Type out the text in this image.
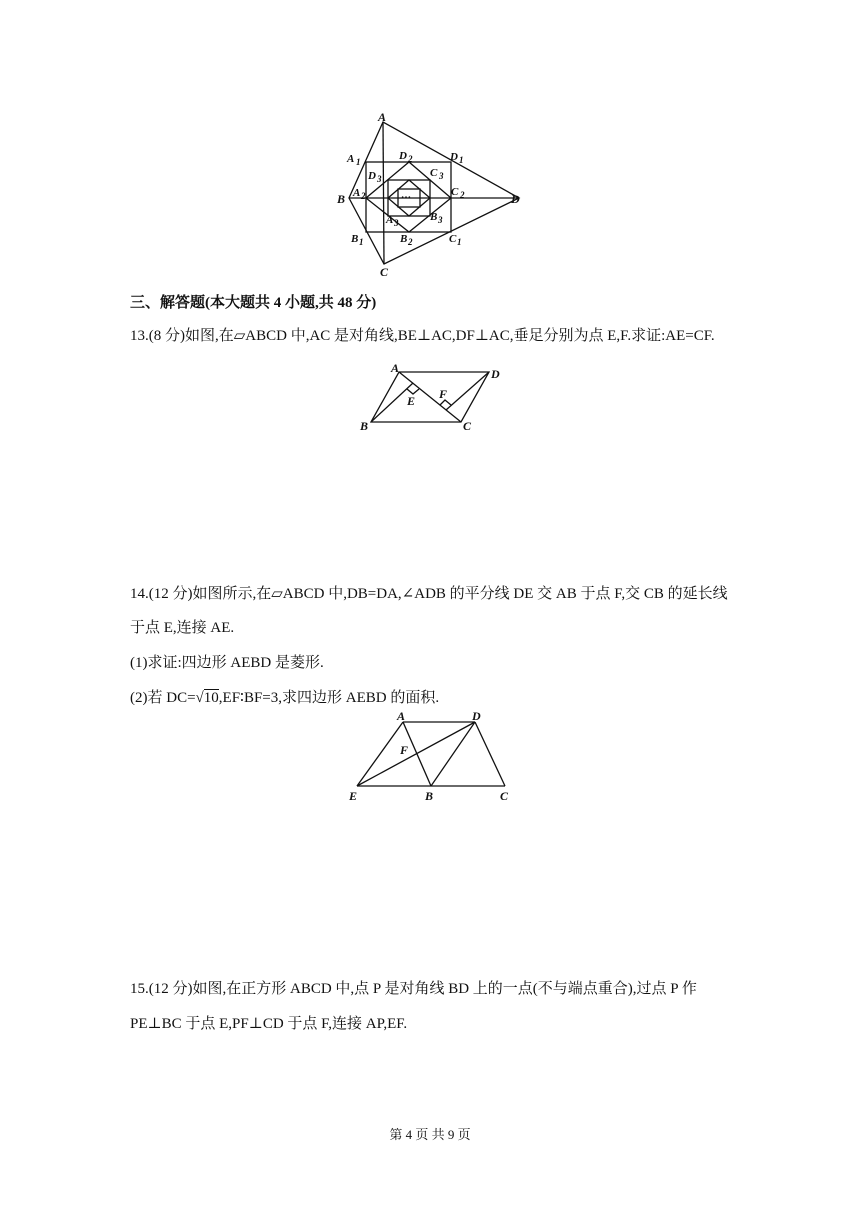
A
B
C
D
A 1	D 1
B 1	C 1
D 2
A 2
B 2
C 2
D 3	C 3
A 3	B 3
…
三、解答题(本大题共 4 小题,共 48 分)
13.(8 分)如图,在▱ABCD 中,AC 是对角线,BE⊥AC,DF⊥AC,垂足分别为点 E,F.求证:AE=CF.
A	D
B	C
E F
14.(12 分)如图所示,在▱ABCD 中,DB=DA,∠ADB 的平分线 DE 交 AB 于点 F,交 CB 的延长线
于点 E,连接 AE.
(1)求证:四边形 AEBD 是菱形.
(2)若 DC=√10,EF∶BF=3,求四边形 AEBD 的面积.
A	D
F
E	B	C
15.(12 分)如图,在正方形 ABCD 中,点 P 是对角线 BD 上的一点(不与端点重合),过点 P 作
PE⊥BC 于点 E,PF⊥CD 于点 F,连接 AP,EF.
第 4 页 共 9 页
